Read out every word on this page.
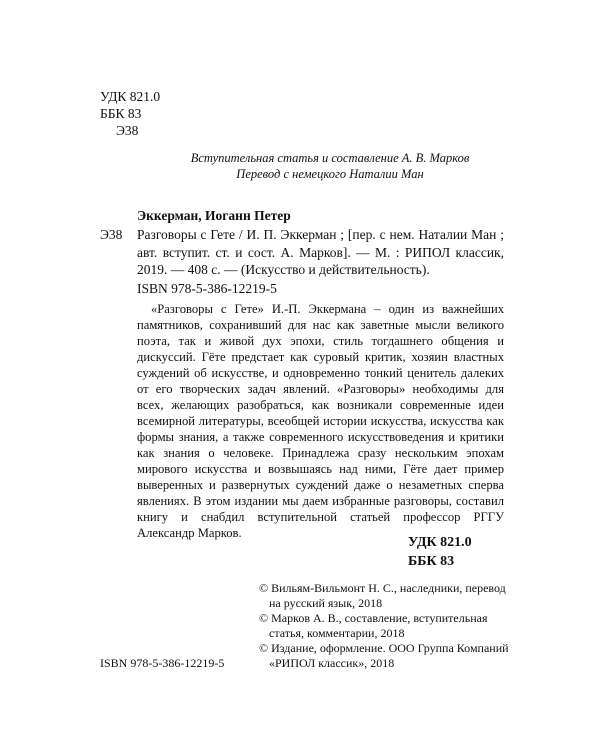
УДК 821.0
ББК 83
Э38
Вступительная статья и составление А. В. Марков
Перевод с немецкого Наталии Ман
Эккерман, Иоганн Петер
Э38 Разговоры с Гете / И. П. Эккерман ; [пер. с нем. Наталии Ман ; авт. вступит. ст. и сост. А. Марков]. — М. : РИПОЛ классик, 2019. — 408 с. — (Искусство и действительность).
ISBN 978-5-386-12219-5
«Разговоры с Гете» И.-П. Эккермана – один из важнейших памятников, сохранивший для нас как заветные мысли великого поэта, так и живой дух эпохи, стиль тогдашнего общения и дискуссий. Гёте предстает как суровый критик, хозяин властных суждений об искусстве, и одновременно тонкий ценитель далеких от его творческих задач явлений. «Разговоры» необходимы для всех, желающих разобраться, как возникали современные идеи всемирной литературы, всеобщей истории искусства, искусства как формы знания, а также современного искусствоведения и критики как знания о человеке. Принадлежа сразу нескольким эпохам мирового искусства и возвышаясь над ними, Гёте дает пример выверенных и развернутых суждений даже о незаметных сперва явлениях. В этом издании мы даем избранные разговоры, составил книгу и снабдил вступительной статьей профессор РГГУ Александр Марков.
УДК 821.0
ББК 83
© Вильям-Вильмонт Н. С., наследники, перевод на русский язык, 2018
© Марков А. В., составление, вступительная статья, комментарии, 2018
© Издание, оформление. ООО Группа Компаний «РИПОЛ классик», 2018
ISBN 978-5-386-12219-5
